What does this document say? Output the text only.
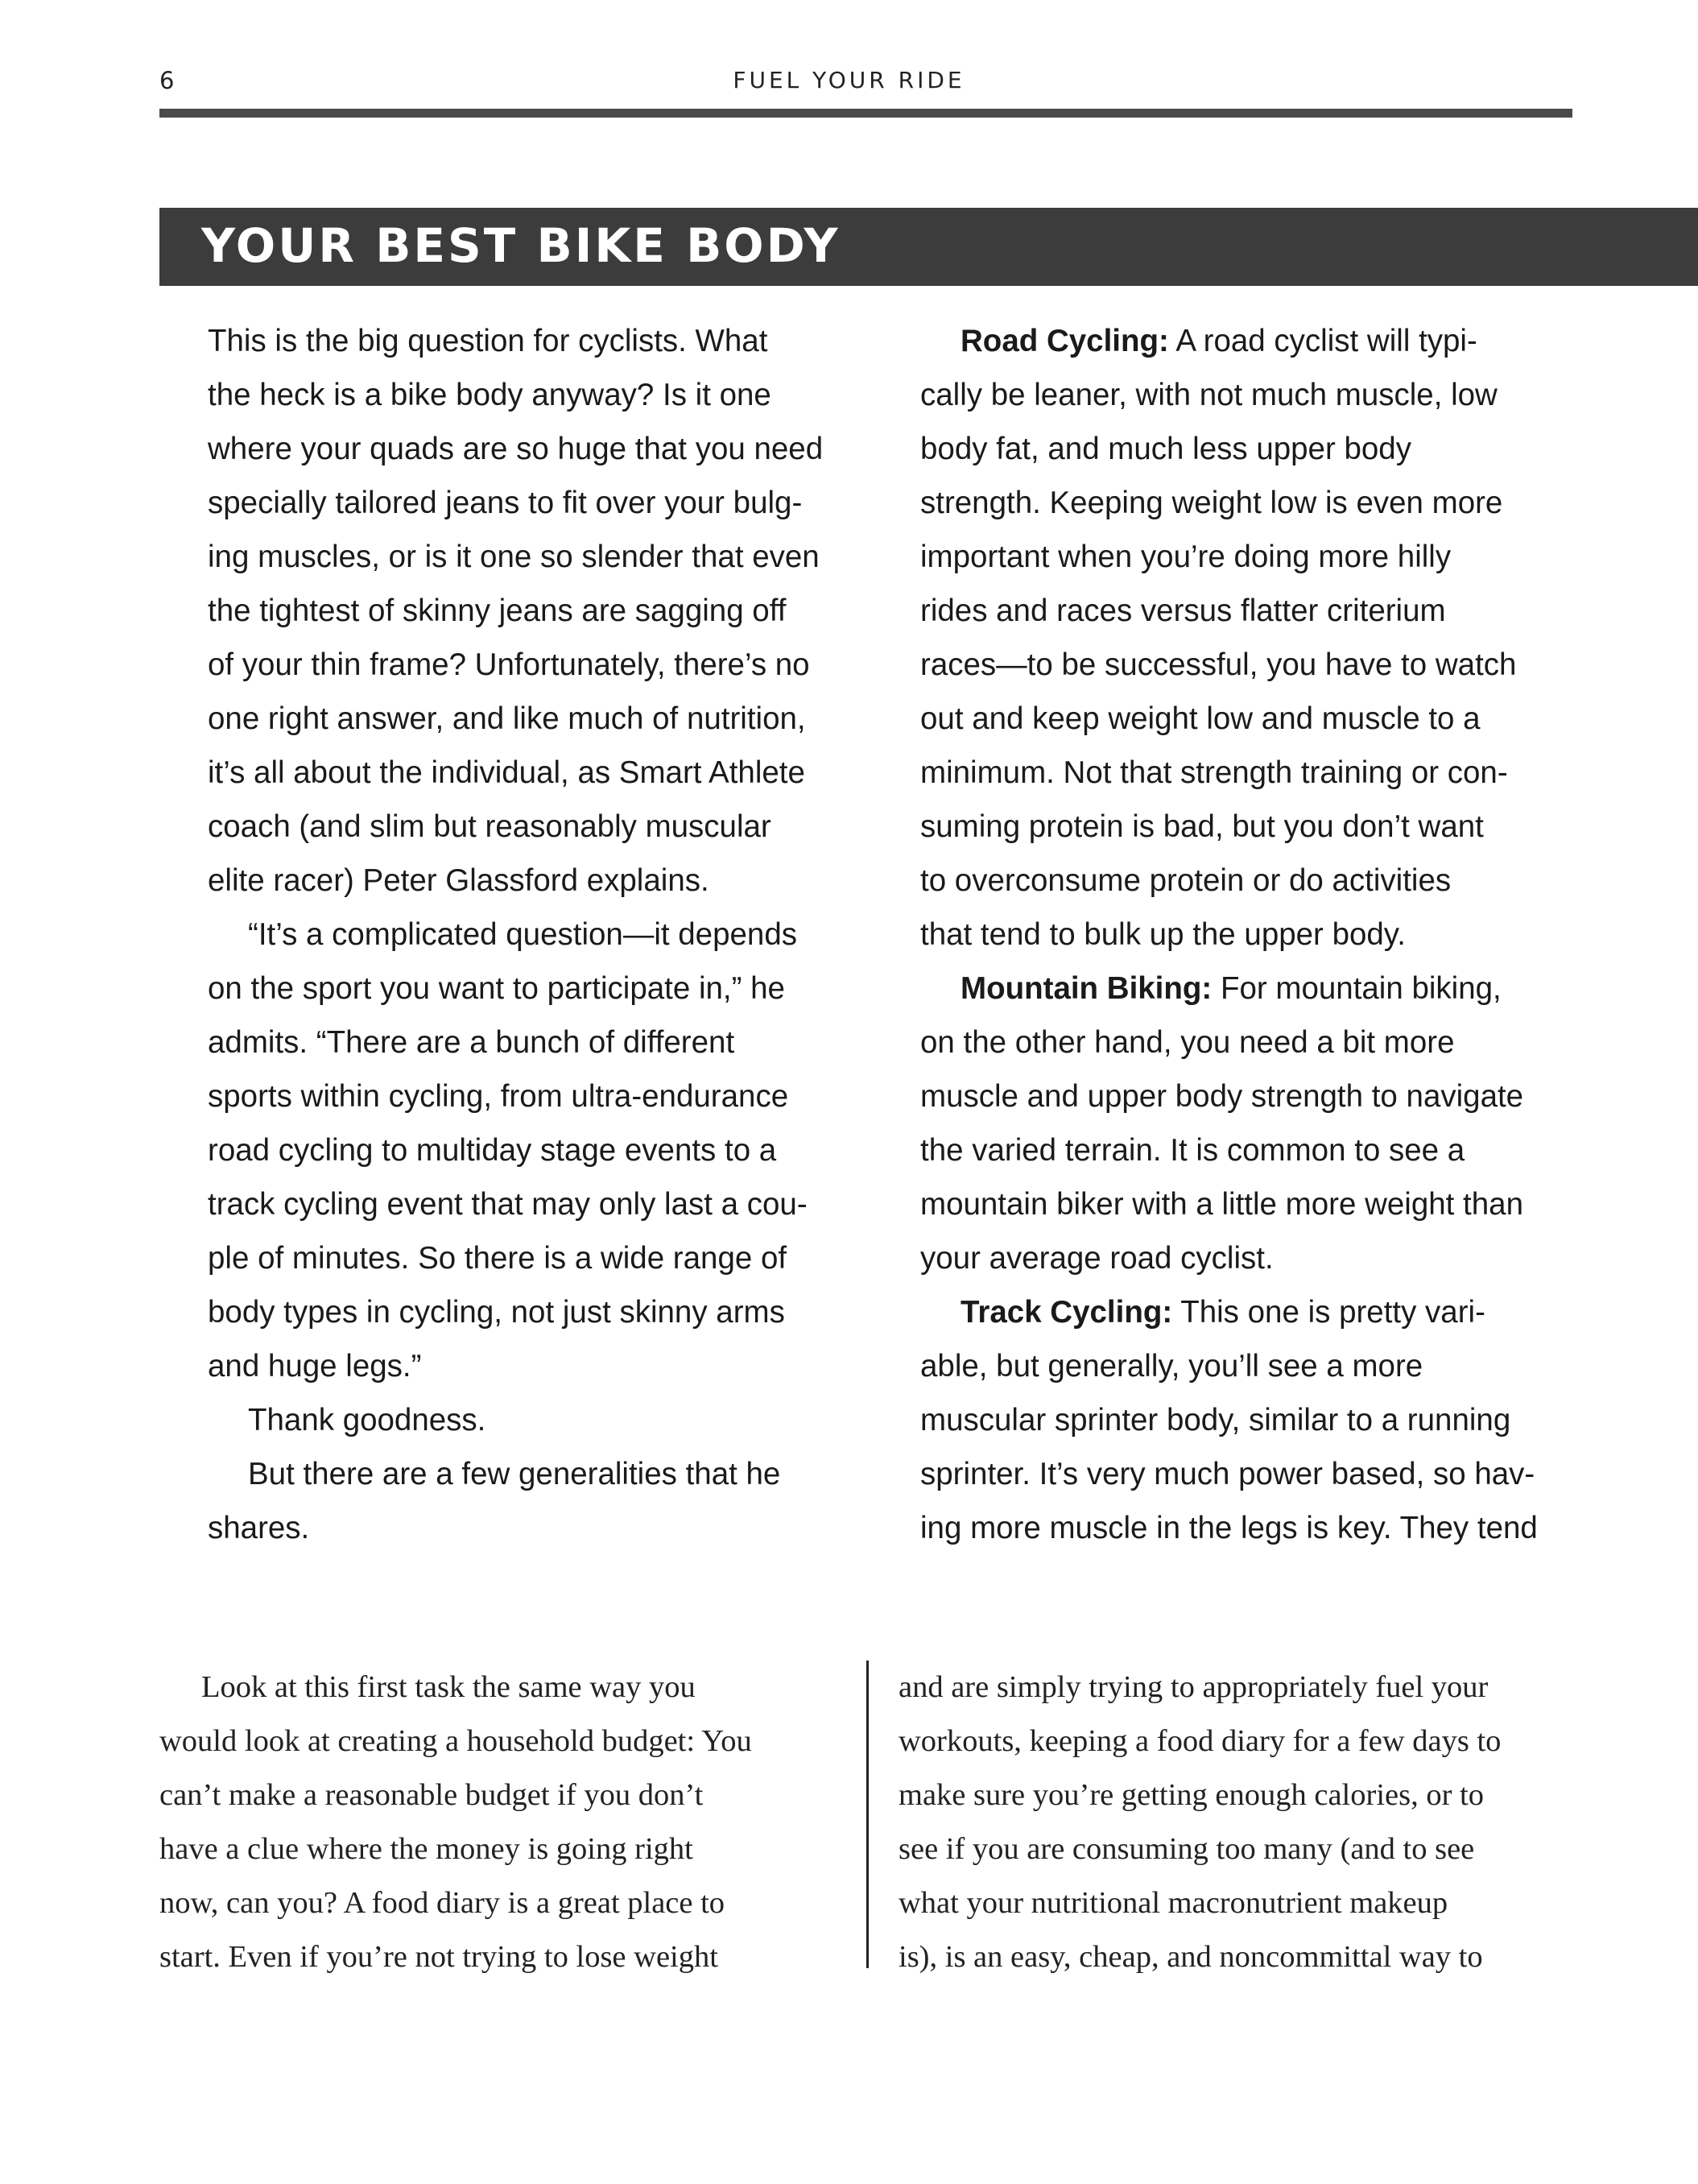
6	FUEL YOUR RIDE
YOUR BEST BIKE BODY

This is the big question for cyclists. What

the heck is a bike body anyway? Is it one

where your quads are so huge that you need

specially tailored jeans to fit over your bulg-

ing muscles, or is it one so slender that even

the tightest of skinny jeans are sagging off

of your thin frame? Unfortunately, there’s no

one right answer, and like much of nutrition,

it’s all about the individual, as Smart Athlete

coach (and slim but reasonably muscular

elite racer) Peter Glassford explains.

“It’s a complicated question—it depends

on the sport you want to participate in,” he

admits. “There are a bunch of different

sports within cycling, from ultra-endurance

road cycling to multiday stage events to a

track cycling event that may only last a cou-

ple of minutes. So there is a wide range of

body types in cycling, not just skinny arms

and huge legs.”

Thank goodness.

But there are a few generalities that he

shares.

Road Cycling: A road cyclist will typi-

cally be leaner, with not much muscle, low

body fat, and much less upper body

strength. Keeping weight low is even more

important when you’re doing more hilly

rides and races versus flatter criterium

races—to be successful, you have to watch

out and keep weight low and muscle to a

minimum. Not that strength training or con-

suming protein is bad, but you don’t want

to overconsume protein or do activities

that tend to bulk up the upper body.

Mountain Biking: For mountain biking,

on the other hand, you need a bit more

muscle and upper body strength to navigate

the varied terrain. It is common to see a

mountain biker with a little more weight than

your average road cyclist.

Track Cycling: This one is pretty vari-

able, but generally, you’ll see a more

muscular sprinter body, similar to a running

sprinter. It’s very much power based, so hav-

ing more muscle in the legs is key. They tend

Look at this first task the same way you

would look at creating a household budget: You

can’t make a reasonable budget if you don’t

have a clue where the money is going right

now, can you? A food diary is a great place to

start. Even if you’re not trying to lose weight

and are simply trying to appropriately fuel your

workouts, keeping a food diary for a few days to

make sure you’re getting enough calories, or to

see if you are consuming too many (and to see

what your nutritional macronutrient makeup

is), is an easy, cheap, and noncommittal way to
